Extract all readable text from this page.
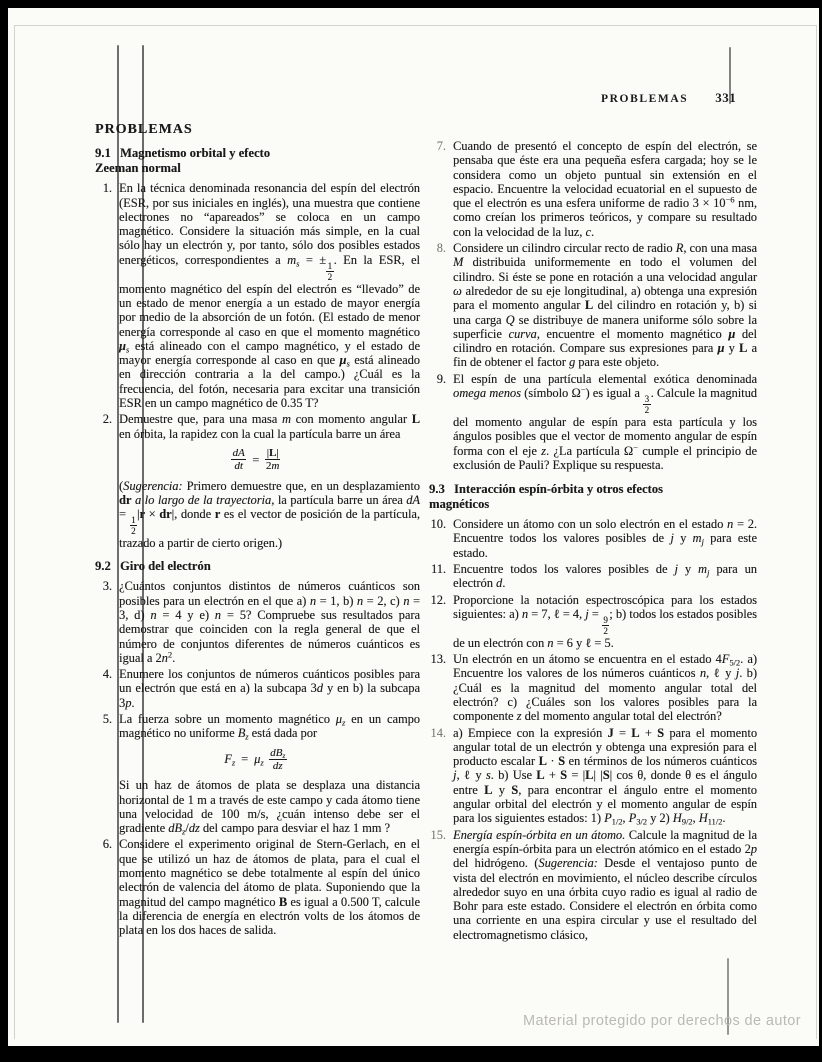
PROBLEMAS 331
PROBLEMAS
9.1 Magnetismo orbital y efecto
Zeeman normal
1. En la técnica denominada resonancia del espín del electrón (ESR, por sus iniciales en inglés), una muestra que contiene electrones no “apareados” se coloca en un campo magnético. Considere la situación más simple, en la cual sólo hay un electrón y, por tanto, sólo dos posibles estados energéticos, correspondientes a $m_s$ = ±
$\frac{1}{2}$
. En la ESR, el momento magnético del espín del electrón es “llevado” de un estado de menor energía a un estado de mayor energía por medio de la absorción de un fotón. (El estado de menor energía corresponde al caso en que el momento magnético $\mu_s$ está alineado con el campo magnético, y el estado de mayor energía corresponde al caso en que $\mu_s$ está alineado en dirección contraria a la del campo.) ¿Cuál es la frecuencia, del fotón, necesaria para excitar una transición ESR en un campo magnético de 0.35 T?
2. Demuestre que, para una masa m con momento angular L en órbita, la rapidez con la cual la partícula barre un área
$\frac{dA}{dt} = \frac{|L|}{2m}$
(Sugerencia: Primero demuestre que, en un desplazamiento dr a lo largo de la trayectoria, la partícula barre un área dA =
$\frac{1}{2}$
|r × dr|, donde r es el vector de posición de la partícula, trazado a partir de cierto origen.)
9.2 Giro del electrón
3. ¿Cuántos conjuntos distintos de números cuánticos son posibles para un electrón en el que a) n = 1, b) n = 2, c) n = 3, d) n = 4 y e) n = 5? Compruebe sus resultados para demostrar que coinciden con la regla general de que el número de conjuntos diferentes de números cuánticos es igual a $2n^2$.
4. Enumere los conjuntos de números cuánticos posibles para un electrón que está en a) la subcapa 3d y en b) la subcapa 3p.
5. La fuerza sobre un momento magnético $\mu_z$ en un campo magnético no uniforme $B_z$ está dada por
$F_z = \mu_z$
$dB_z$
dz
Si un haz de átomos de plata se desplaza una distancia horizontal de 1 m a través de este campo y cada átomo tiene una velocidad de 100 m/s, ¿cuán intenso debe ser el gradiente $dB_z/dz$ del campo para desviar el haz 1 mm ?
6. Considere el experimento original de Stern-Gerlach, en el que se utilizó un haz de átomos de plata, para el cual el momento magnético se debe totalmente al espín del único electrón de valencia del átomo de plata. Suponiendo que la magnitud del campo magnético B es igual a 0.500 T, calcule la diferencia de energía en electrón volts de los átomos de plata en los dos haces de salida.
7. Cuando de presentó el concepto de espín del electrón, se pensaba que éste era una pequeña esfera cargada; hoy se le considera como un objeto puntual sin extensión en el espacio. Encuentre la velocidad ecuatorial en el supuesto de que el electrón es una esfera uniforme de radio $3 \times 10^{-6}$ nm, como creían los primeros teóricos, y compare su resultado con la velocidad de la luz, c.
8. Considere un cilindro circular recto de radio R, con una masa M distribuida uniformemente en todo el volumen del cilindro. Si éste se pone en rotación a una velocidad angular ω alrededor de su eje longitudinal, a) obtenga una expresión para el momento angular L del cilindro en rotación y, b) si una carga Q se distribuye de manera uniforme sólo sobre la superficie curva, encuentre el momento magnético μ del cilindro en rotación. Compare sus expresiones para μ y L a fin de obtener el factor g para este objeto.
9. El espín de una partícula elemental exótica denominada omega menos (símbolo Ω−) es igual a
$\frac{3}{2}$
. Calcule la magnitud del momento angular de espín para esta partícula y los ángulos posibles que el vector de momento angular de espín forma con el eje z. ¿La partícula Ω− cumple el principio de exclusión de Pauli? Explique su respuesta.
9.3 Interacción espín-órbita y otros efectos
magnéticos
10. Considere un átomo con un solo electrón en el estado n = 2. Encuentre todos los valores posibles de j y $m_j$ para este estado.
11. Encuentre todos los valores posibles de j y $m_j$ para un electrón d.
12. Proporcione la notación espectroscópica para los estados siguientes: a) n = 7, ℓ = 4, j =
$\frac{9}{2}$
; b) todos los estados posibles de un electrón con n = 6 y ℓ = 5.
13. Un electrón en un átomo se encuentra en el estado $4F_{5/2}$. a) Encuentre los valores de los números cuánticos n, ℓ y j. b) ¿Cuál es la magnitud del momento angular total del electrón? c) ¿Cuáles son los valores posibles para la componente z del momento angular total del electrón?
14. a) Empiece con la expresión J = L + S para el momento angular total de un electrón y obtenga una expresión para el producto escalar L · S en términos de los números cuánticos j, ℓ y s. b) Use L + S = |L| |S| cos θ, donde θ es el ángulo entre L y S, para encontrar el ángulo entre el momento angular orbital del electrón y el momento angular de espín para los siguientes estados: 1) $P_{1/2}$, $P_{3/2}$ y 2) $H_{9/2}$, $H_{11/2}$.
15. Energía espín-órbita en un átomo. Calcule la magnitud de la energía espín-órbita para un electrón atómico en el estado 2p del hidrógeno. (Sugerencia: Desde el ventajoso punto de vista del electrón en movimiento, el núcleo describe círculos alrededor suyo en una órbita cuyo radio es igual al radio de Bohr para este estado. Considere el electrón en órbita como una corriente en una espira circular y use el resultado del electromagnetismo clásico,
Material protegido por derechos de autor
